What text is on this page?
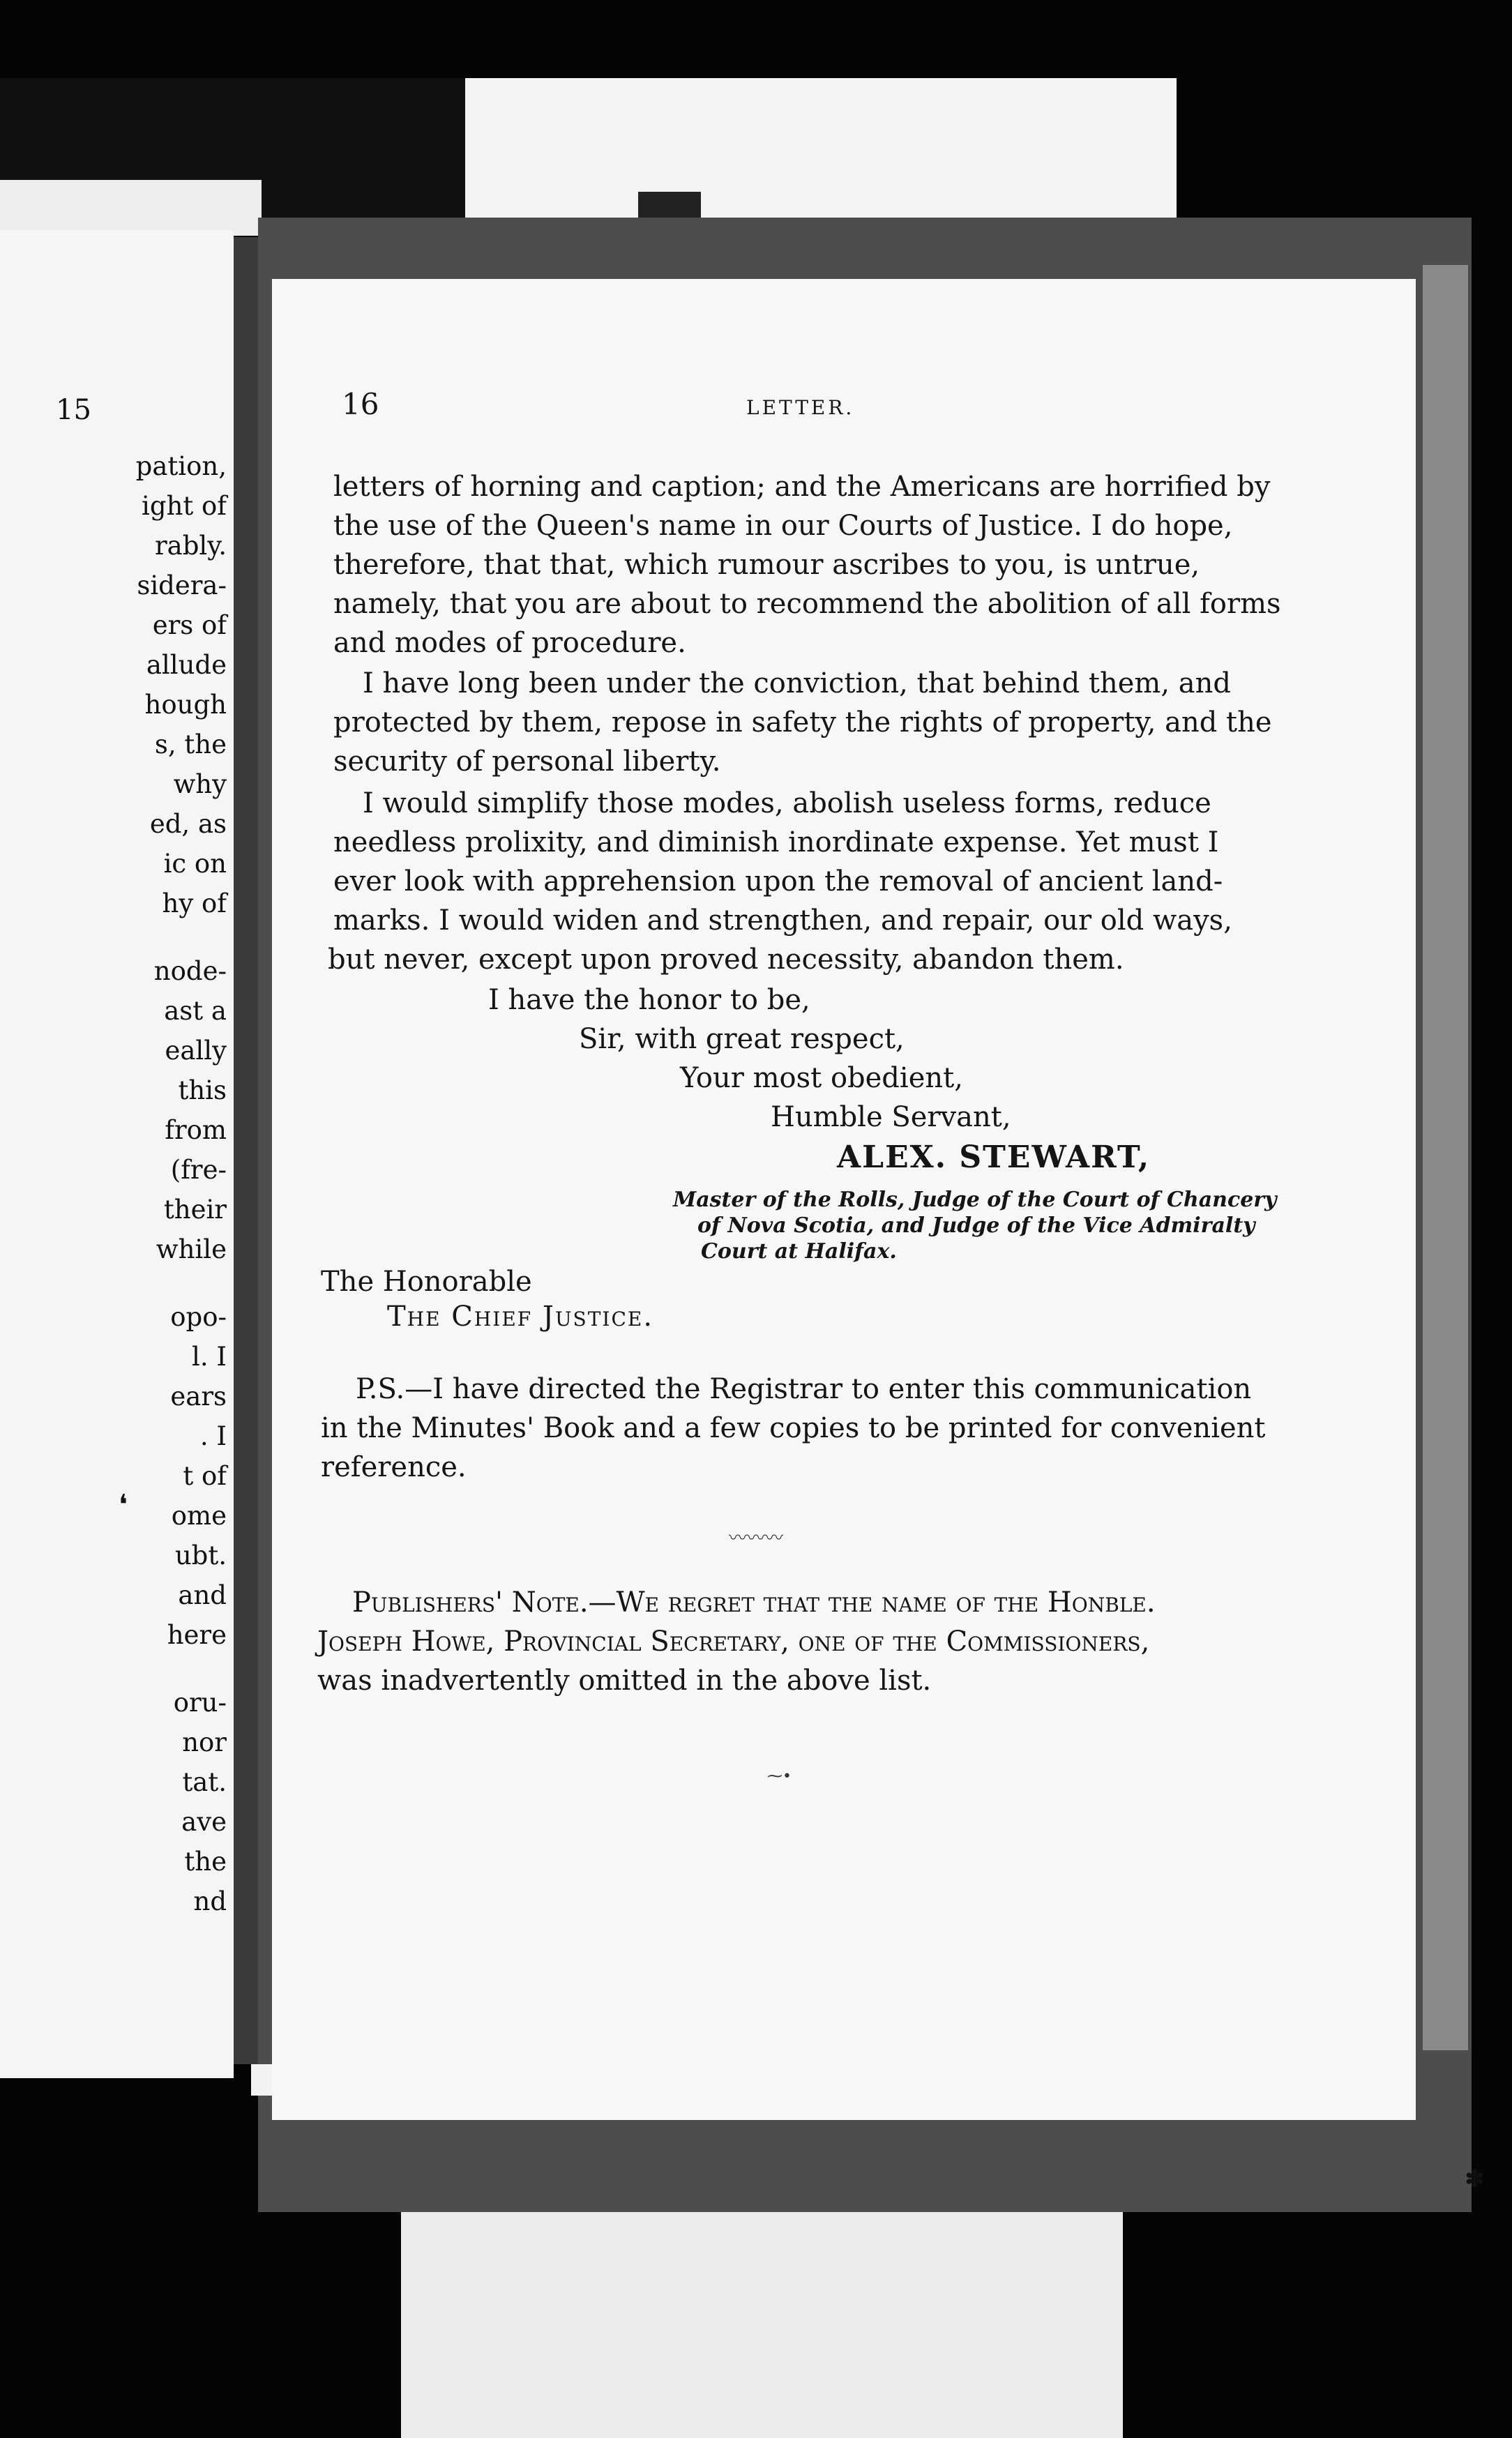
15
pation,
ight of
rably.
sidera-
ers of
allude
hough
s, the
why
ed, as
ic on
hy of
node-
ast a
eally
this
from
(fre-
their
while
opo-
l. I
ears
. I
t of
ome
ubt.
and
here
oru-
nor
tat.
ave
the
nd
16	LETTER.
letters of horning and caption; and the Americans are horrified by
the use of the Queen's name in our Courts of Justice. I do hope,
therefore, that that, which rumour ascribes to you, is untrue,
namely, that you are about to recommend the abolition of all forms
and modes of procedure.
I have long been under the conviction, that behind them, and
protected by them, repose in safety the rights of property, and the
security of personal liberty.
I would simplify those modes, abolish useless forms, reduce
needless prolixity, and diminish inordinate expense. Yet must I
ever look with apprehension upon the removal of ancient land-
marks. I would widen and strengthen, and repair, our old ways,
but never, except upon proved necessity, abandon them.
I have the honor to be,
Sir, with great respect,
Your most obedient,
Humble Servant,
ALEX. STEWART,
Master of the Rolls, Judge of the Court of Chancery
of Nova Scotia, and Judge of the Vice Admiralty
Court at Halifax.
The Honorable
The Chief Justice.
P.S.—I have directed the Registrar to enter this communication
in the Minutes' Book and a few copies to be printed for convenient
reference.
〰〰〰
Publishers' Note.—We regret that the name of the Honble.
Joseph Howe, Provincial Secretary, one of the Commissioners,
was inadvertently omitted in the above list.
⁓•
❛
✽
